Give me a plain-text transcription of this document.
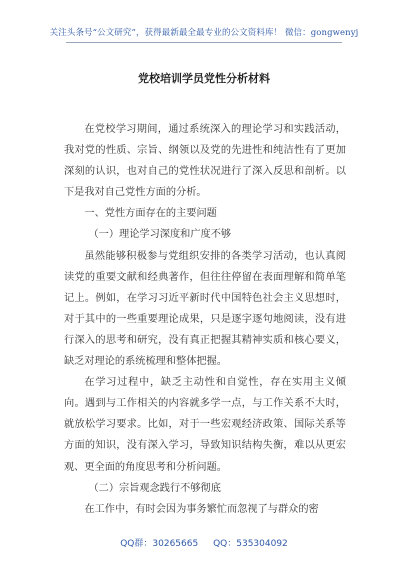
关注头条号“公文研究”，获得最新最全最专业的公文资料库！ 微信：gongwenyj
党校培训学员党性分析材料

在党校学习期间，通过系统深入的理论学习和实践活动，我对党的性质、宗旨、纲领以及党的先进性和纯洁性有了更加深刻的认识，也对自己的党性状况进行了深入反思和剖析。以下是我对自己党性方面的分析。

一、党性方面存在的主要问题

（一）理论学习深度和广度不够

虽然能够积极参与党组织安排的各类学习活动，也认真阅读党的重要文献和经典著作，但往往停留在表面理解和简单笔记上。例如，在学习习近平新时代中国特色社会主义思想时，对于其中的一些重要理论成果，只是逐字逐句地阅读，没有进行深入的思考和研究，没有真正把握其精神实质和核心要义，缺乏对理论的系统梳理和整体把握。

在学习过程中，缺乏主动性和自觉性，存在实用主义倾向。遇到与工作相关的内容就多学一点，与工作关系不大时，就放松学习要求。比如，对于一些宏观经济政策、国际关系等方面的知识，没有深入学习，导致知识结构失衡，难以从更宏观、更全面的角度思考和分析问题。

（二）宗旨观念践行不够彻底

在工作中，有时会因为事务繁忙而忽视了与群众的密

QQ群：30265665 QQ：535304092
